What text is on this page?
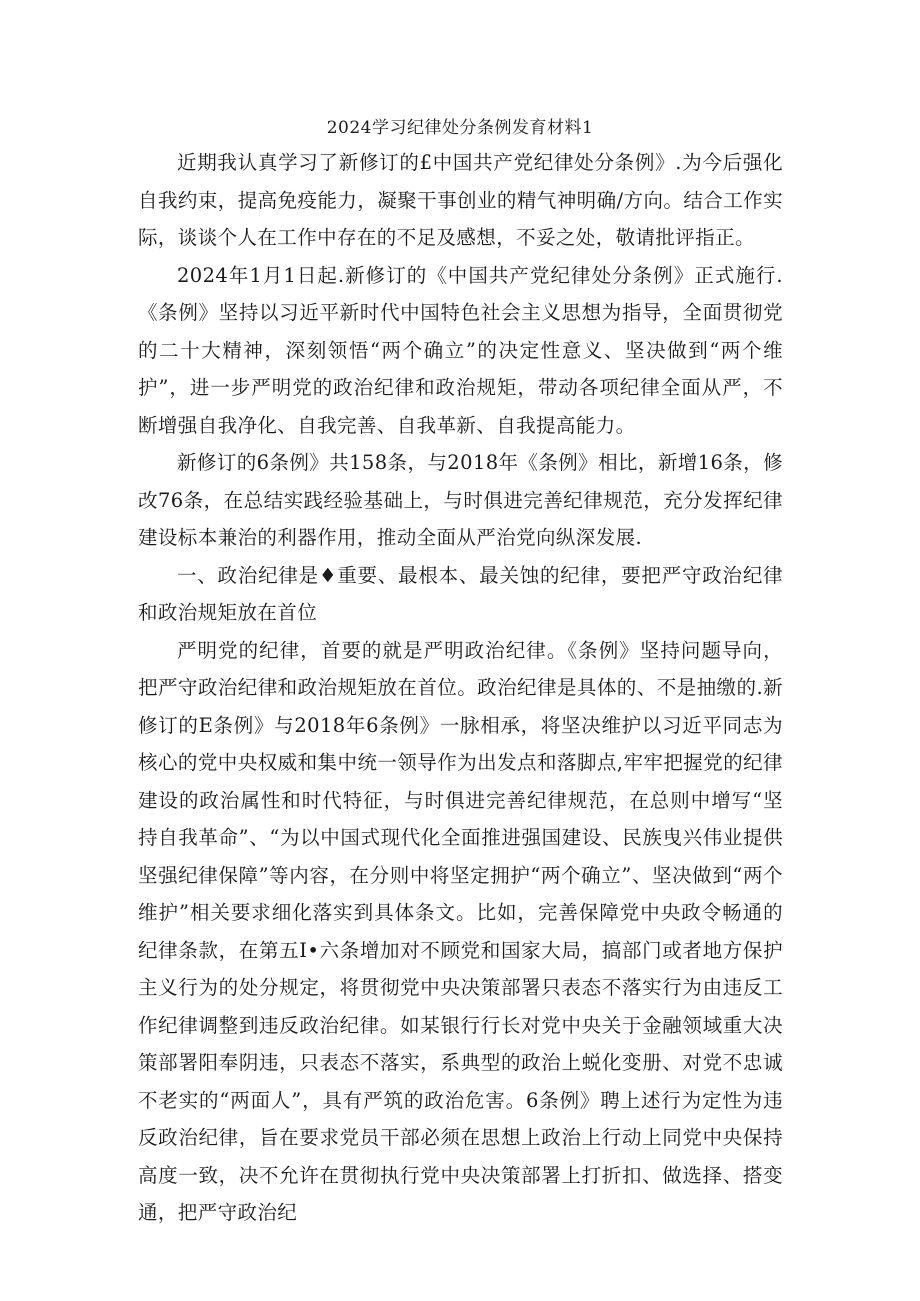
2024学习纪律处分条例发育材料1

近期我认真学习了新修订的£中国共产党纪律处分条例》.为今后强化自我约束，提高免疫能力，凝聚干事创业的精气神明确/方向。结合工作实际，谈谈个人在工作中存在的不足及感想，不妥之处，敬请批评指正。

2024年1月1日起.新修订的《中国共产党纪律处分条例》正式施行.《条例》坚持以习近平新时代中国特色社会主义思想为指导，全面贯彻党的二十大精神，深刻领悟“两个确立”的决定性意义、坚决做到“两个维护”，进一步严明党的政治纪律和政治规矩，带动各项纪律全面从严，不断增强自我净化、自我完善、自我革新、自我提高能力。

新修订的6条例》共158条，与2018年《条例》相比，新增16条，修改76条，在总结实践经验基础上，与时俱进完善纪律规范，充分发挥纪律建设标本兼治的利器作用，推动全面从严治党向纵深发展.

一、政治纪律是♦重要、最根本、最关蚀的纪律，要把严守政治纪律和政治规矩放在首位

严明党的纪律，首要的就是严明政治纪律。《条例》坚持问题导向，把严守政治纪律和政治规矩放在首位。政治纪律是具体的、不是抽缴的.新修订的E条例》与2018年6条例》一脉相承，将坚决维护以习近平同志为核心的党中央权威和集中统一领导作为出发点和落脚点,牢牢把握党的纪律建设的政治属性和时代特征，与时俱进完善纪律规范，在总则中增写“坚持自我革命”、“为以中国式现代化全面推进强国建设、民族曳兴伟业提供坚强纪律保障”等内容，在分则中将坚定拥护“两个确立”、坚决做到“两个维护”相关要求细化落实到具体条文。比如，完善保障党中央政令畅通的纪律条款，在第五I•六条增加对不顾党和国家大局，搞部门或者地方保护主义行为的处分规定，将贯彻党中央决策部署只表态不落实行为由违反工作纪律调整到违反政治纪律。如某银行行长对党中央关于金融领域重大决策部署阳奉阴违，只表态不落实，系典型的政治上蜕化变册、对党不忠诚不老实的“两面人”，具有严筑的政治危害。6条例》聘上述行为定性为违反政治纪律，旨在要求党员干部必须在思想上政治上行动上同党中央保持高度一致，决不允许在贯彻执行党中央决策部署上打折扣、做选择、搭变通，把严守政治纪
